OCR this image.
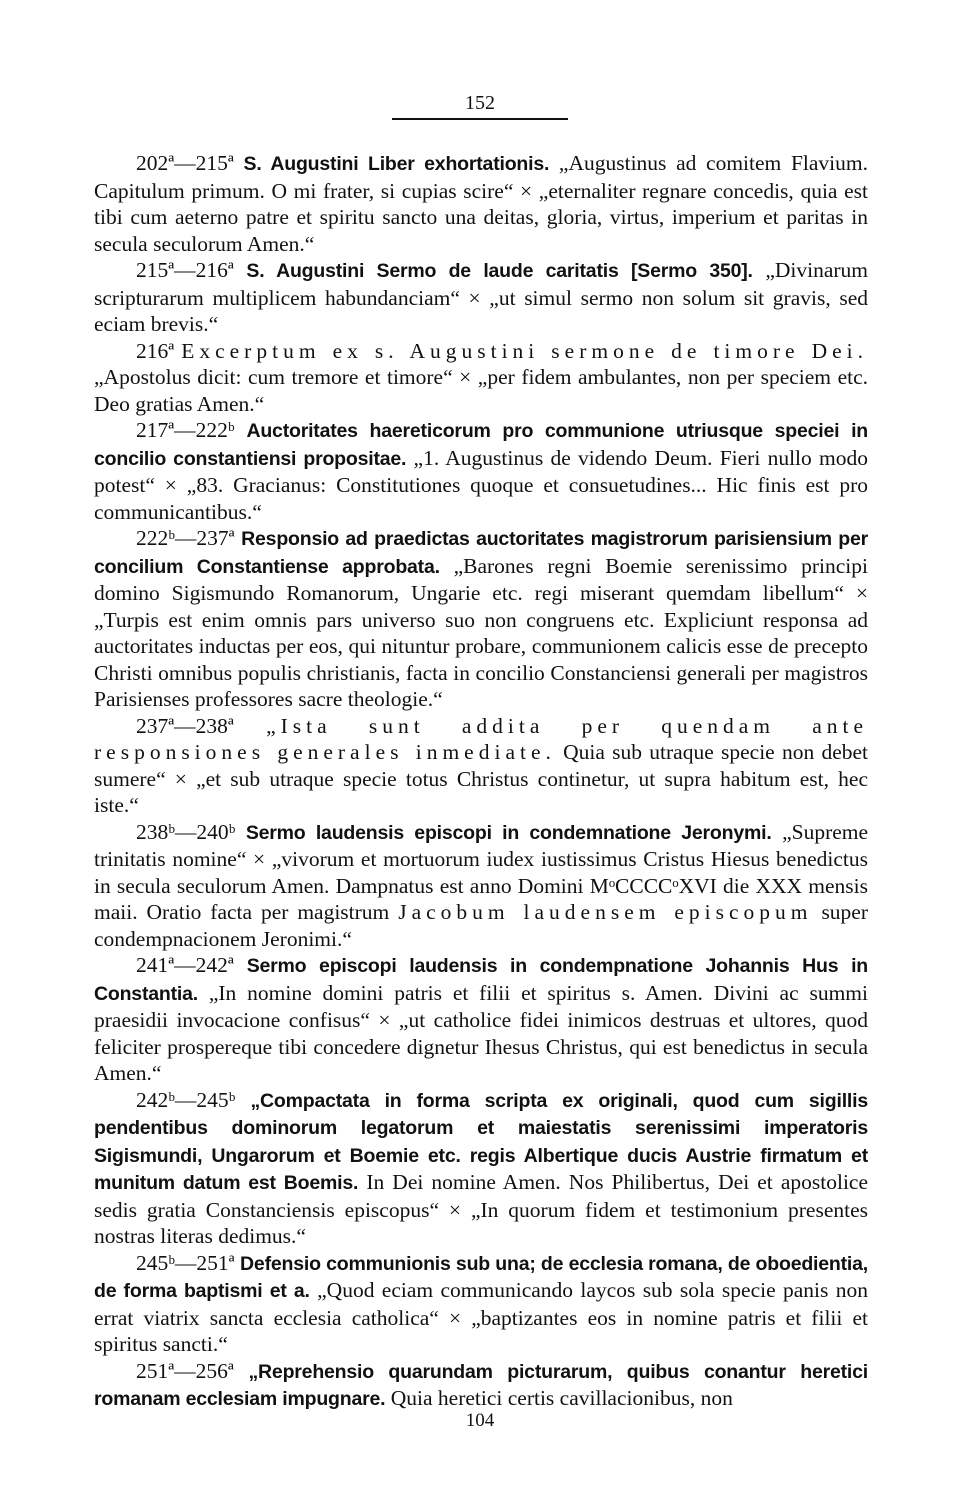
152

202ª—215ª S. Augustini Liber exhortationis. „Augustinus ad comitem Flavium. Capitulum primum. O mi frater, si cupias scire“ × „eternaliter regnare concedis, quia est tibi cum aeterno patre et spiritu sancto una deitas, gloria, virtus, imperium et paritas in secula seculorum Amen.“

215ª—216ª S. Augustini Sermo de laude caritatis [Sermo 350]. „Divinarum scripturarum multiplicem habundanciam“ × „ut simul sermo non solum sit gravis, sed eciam brevis.“

216ª Excerptum ex s. Augustini sermone de timore Dei. „Apostolus dicit: cum tremore et timore“ × „per fidem ambulantes, non per speciem etc. Deo gratias Amen.“

217ª—222ᵇ Auctoritates haereticorum pro communione utriusque speciei in concilio constantiensi propositae. „1. Augustinus de videndo Deum. Fieri nullo modo potest“ × „83. Gracianus: Constitutiones quoque et consuetudines... Hic finis est pro communicantibus.“

222ᵇ—237ª Responsio ad praedictas auctoritates magistrorum parisiensium per concilium Constantiense approbata. „Barones regni Boemie serenissimo principi domino Sigismundo Romanorum, Ungarie etc. regi miserant quemdam libellum“ × „Turpis est enim omnis pars universo suo non congruens etc. Expliciunt responsa ad auctoritates inductas per eos, qui nituntur probare, communionem calicis esse de precepto Christi omnibus populis christianis, facta in concilio Constanciensi generali per magistros Parisienses professores sacre theologie.“

237ª—238ª „Ista sunt addita per quendam ante responsiones generales inmediate. Quia sub utraque specie non debet sumere“ × „et sub utraque specie totus Christus continetur, ut supra habitum est, hec iste.“

238ᵇ—240ᵇ Sermo laudensis episcopi in condemnatione Jeronymi. „Supreme trinitatis nomine“ × „vivorum et mortuorum iudex iustissimus Cristus Hiesus benedictus in secula seculorum Amen. Dampnatus est anno Domini MᵒCCCCᵒXVI die XXX mensis maii. Oratio facta per magistrum Jacobum laudensem episcopum super condempnacionem Jeronimi.“

241ª—242ª Sermo episcopi laudensis in condempnatione Johannis Hus in Constantia. „In nomine domini patris et filii et spiritus s. Amen. Divini ac summi praesidii invocacione confisus“ × „ut catholice fidei inimicos destruas et ultores, quod feliciter prospereque tibi concedere dignetur Ihesus Christus, qui est benedictus in secula Amen.“

242ᵇ—245ᵇ „Compactata in forma scripta ex originali, quod cum sigillis pendentibus dominorum legatorum et maiestatis serenissimi imperatoris Sigismundi, Ungarorum et Boemie etc. regis Albertique ducis Austrie firmatum et munitum datum est Boemis. In Dei nomine Amen. Nos Philibertus, Dei et apostolice sedis gratia Constanciensis episcopus“ × „In quorum fidem et testimonium presentes nostras literas dedimus.“

245ᵇ—251ª Defensio communionis sub una; de ecclesia romana, de oboedientia, de forma baptismi et a. „Quod eciam communicando laycos sub sola specie panis non errat viatrix sancta ecclesia catholica“ × „baptizantes eos in nomine patris et filii et spiritus sancti.“

251ª—256ª „Reprehensio quarundam picturarum, quibus conantur heretici romanam ecclesiam impugnare. Quia heretici certis cavillacionibus, non

104
